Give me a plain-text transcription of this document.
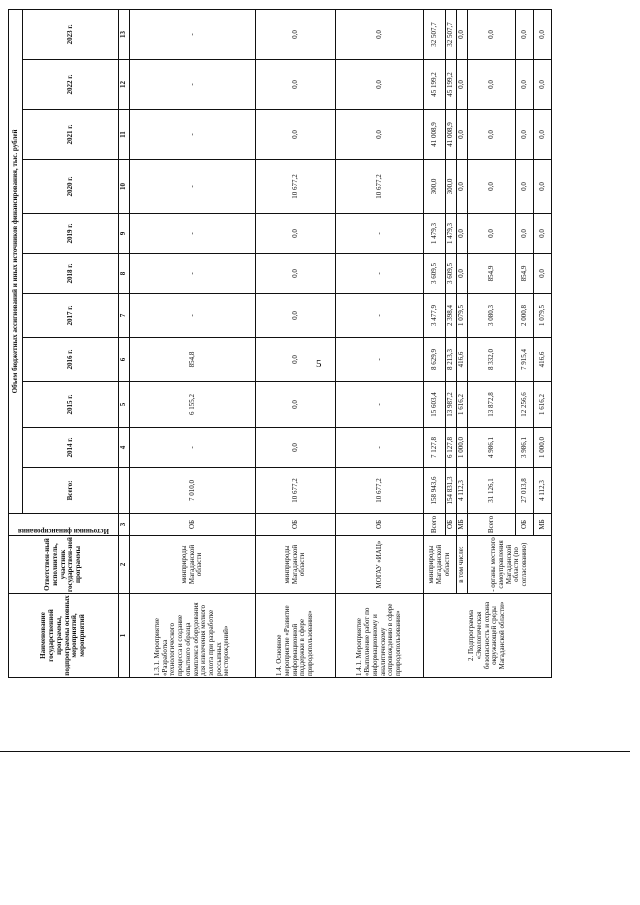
5
Наименование государственной программы, подпрограммы основных мероприятий, мероприятий	Ответствен-ный исполнитель, участник государствен-ной программы	Источники финансирования	Объем бюджетных ассигнований и иных источников финансирования, тыс. рублей										
			Всего:	2014 г.	2015 г.	2016 г.	2017 г.	2018 г.	2019 г.	2020 г.	2021 г.	2022 г.	2023 г.
1	2	3		4	5	6	7	8	9	10	11	12	13
1.3.1. Мероприятие «Разработка технологического процесса и создание опытного образца комплекса оборудования для извлечения мелкого золота при разработке россыпных месторождений»	минприроды Магаданской области	ОБ	7 010,0	-	6 155,2	854,8	-	-	-	-	-	-	-
1.4. Основное мероприятие «Развитие информационной поддержки в сфере природопользования»	минприроды Магаданской области	ОБ	10 677,2	0,0	0,0	0,0	0,0	0,0	0,0	10 677,2	0,0	0,0	0,0
1.4.1. Мероприятие «Выполнение работ по информационному и аналитическому сопровождению в сфере природопользования»	МОГАУ «ИАЦ»	ОБ	10 677,2	-	-	-	-	-	-	10 677,2	0,0	0,0	0,0
2. Подпрограмма «Экологическая безопасность и охрана окружающей среды Магаданской области»	минприроды Магаданской области	Всего	158 943,6	7 127,8	15 603,4	8 629,9	3 477,9	3 609,5	1 479,3	300,0	41 008,9	45 199,2	32 507,7
		ОБ	154 831,3	6 127,8	13 987,2	8 213,3	2 398,4	3 609,5	1 479,3	300,0	41 008,9	45 199,2	32 507,7
	в том числе:	МБ	4 112,3	1 000,0	1 616,2	416,6	1 079,5	0,0	0,0	0,0	0,0	0,0	0,0
	- органы местного самоуправления Магаданской области (по согласованию)	Всего	31 126,1	4 986,1	13 872,8	8 332,0	3 080,3	854,9	0,0	0,0	0,0	0,0	0,0
		ОБ	27 013,8	3 986,1	12 256,6	7 915,4	2 000,8	854,9	0,0	0,0	0,0	0,0	0,0
		МБ	4 112,3	1 000,0	1 616,2	416,6	1 079,5	0,0	0,0	0,0	0,0	0,0	0,0
